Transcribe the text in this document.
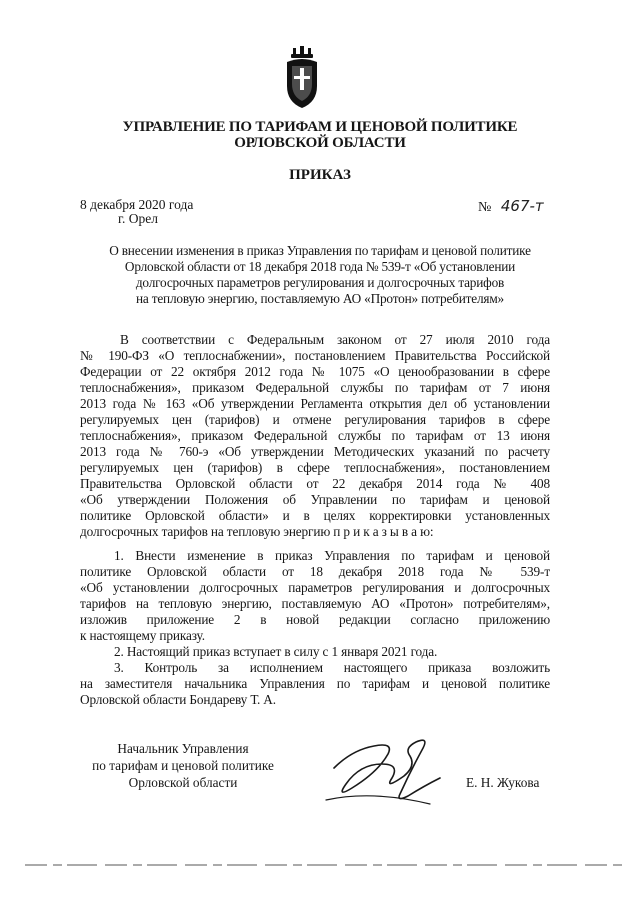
УПРАВЛЕНИЕ ПО ТАРИФАМ И ЦЕНОВОЙ ПОЛИТИКЕ
ОРЛОВСКОЙ ОБЛАСТИ
ПРИКАЗ
8 декабря 2020 года
г. Орел
№ 467-т
О внесении изменения в приказ Управления по тарифам и ценовой политике
Орловской области от 18 декабря 2018 года № 539-т «Об установлении
долгосрочных параметров регулирования и долгосрочных тарифов
на тепловую энергию, поставляемую АО «Протон» потребителям»
В соответствии с Федеральным законом от 27 июля 2010 года
№ 190-ФЗ «О теплоснабжении», постановлением Правительства Российской
Федерации от 22 октября 2012 года № 1075 «О ценообразовании в сфере
теплоснабжения», приказом Федеральной службы по тарифам от 7 июня
2013 года № 163 «Об утверждении Регламента открытия дел об установлении
регулируемых цен (тарифов) и отмене регулирования тарифов в сфере
теплоснабжения», приказом Федеральной службы по тарифам от 13 июня
2013 года № 760-э «Об утверждении Методических указаний по расчету
регулируемых цен (тарифов) в сфере теплоснабжения», постановлением
Правительства Орловской области от 22 декабря 2014 года № 408
«Об утверждении Положения об Управлении по тарифам и ценовой
политике Орловской области» и в целях корректировки установленных
долгосрочных тарифов на тепловую энергию п р и к а з ы в а ю:
1. Внести изменение в приказ Управления по тарифам и ценовой
политике Орловской области от 18 декабря 2018 года № 539-т
«Об установлении долгосрочных параметров регулирования и долгосрочных
тарифов на тепловую энергию, поставляемую АО «Протон» потребителям»,
изложив приложение 2 в новой редакции согласно приложению
к настоящему приказу.
2. Настоящий приказ вступает в силу с 1 января 2021 года.
3. Контроль за исполнением настоящего приказа возложить
на заместителя начальника Управления по тарифам и ценовой политике
Орловской области Бондареву Т. А.
Начальник Управления
по тарифам и ценовой политике
Орловской области	Е. Н. Жукова
